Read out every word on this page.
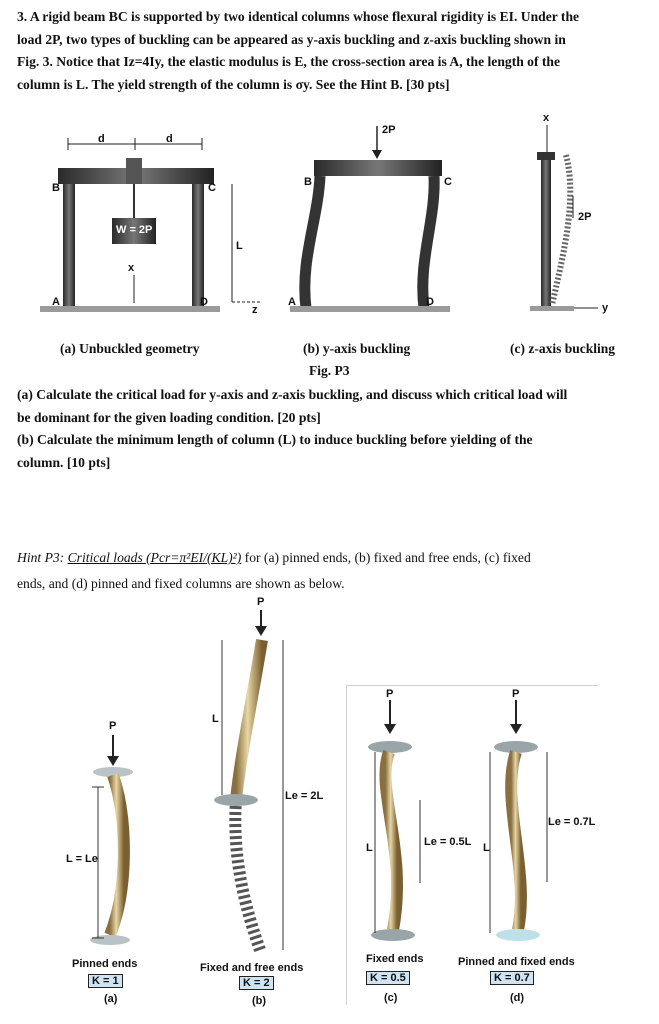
3. A rigid beam BC is supported by two identical columns whose flexural rigidity is EI. Under the
load 2P, two types of buckling can be appeared as y-axis buckling and z-axis buckling shown in
Fig. 3. Notice that Iz=4Iy, the elastic modulus is E, the cross-section area is A, the length of the
column is L. The yield strength of the column is σy. See the Hint B. [30 pts]
d	d
B	C
A	D
W = 2P
L
x
z
2P
B	C
A	D
x
2P
y
(a) Unbuckled geometry	(b) y-axis buckling	(c) z-axis buckling
Fig. P3
(a) Calculate the critical load for y-axis and z-axis buckling, and discuss which critical load will
be dominant for the given loading condition. [20 pts]
(b) Calculate the minimum length of column (L) to induce buckling before yielding of the
column. [10 pts]
Hint P3: Critical loads (Pcr=π²EI/(KL)²) for (a) pinned ends, (b) fixed and free ends, (c) fixed
ends, and (d) pinned and fixed columns are shown as below.
P
L = Le
Pinned ends
K = 1
(a)
P
L
Le = 2L
Fixed and free ends
K = 2
(b)
P
L	Le = 0.5L
Fixed ends
K = 0.5
(c)
P
L
Le = 0.7L
Pinned and fixed ends
K = 0.7
(d)
